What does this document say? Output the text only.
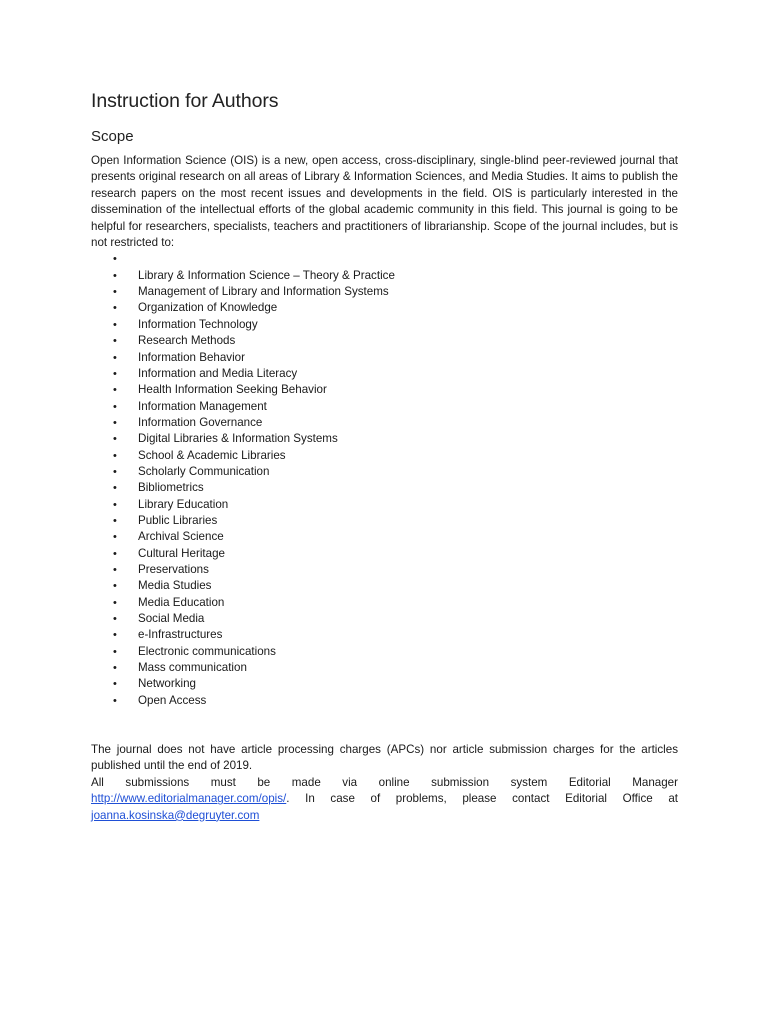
Instruction for Authors
Scope

Open Information Science (OIS) is a new, open access, cross-disciplinary, single-blind peer-reviewed journal that presents original research on all areas of Library & Information Sciences, and Media Studies. It aims to publish the research papers on the most recent issues and developments in the field. OIS is particularly interested in the dissemination of the intellectual efforts of the global academic community in this field. This journal is going to be helpful for researchers, specialists, teachers and practitioners of librarianship. Scope of the journal includes, but is not restricted to:

•
• Library & Information Science – Theory & Practice
• Management of Library and Information Systems
• Organization of Knowledge
• Information Technology
• Research Methods
• Information Behavior
• Information and Media Literacy
• Health Information Seeking Behavior
• Information Management
• Information Governance
• Digital Libraries & Information Systems
• School & Academic Libraries
• Scholarly Communication
• Bibliometrics
• Library Education
• Public Libraries
• Archival Science
• Cultural Heritage
• Preservations
• Media Studies
• Media Education
• Social Media
• e-Infrastructures
• Electronic communications
• Mass communication
• Networking
• Open Access

The journal does not have article processing charges (APCs) nor article submission charges for the articles published until the end of 2019.

All submissions must be made via online submission system Editorial Manager http://www.editorialmanager.com/opis/. In case of problems, please contact Editorial Office at joanna.kosinska@degruyter.com
